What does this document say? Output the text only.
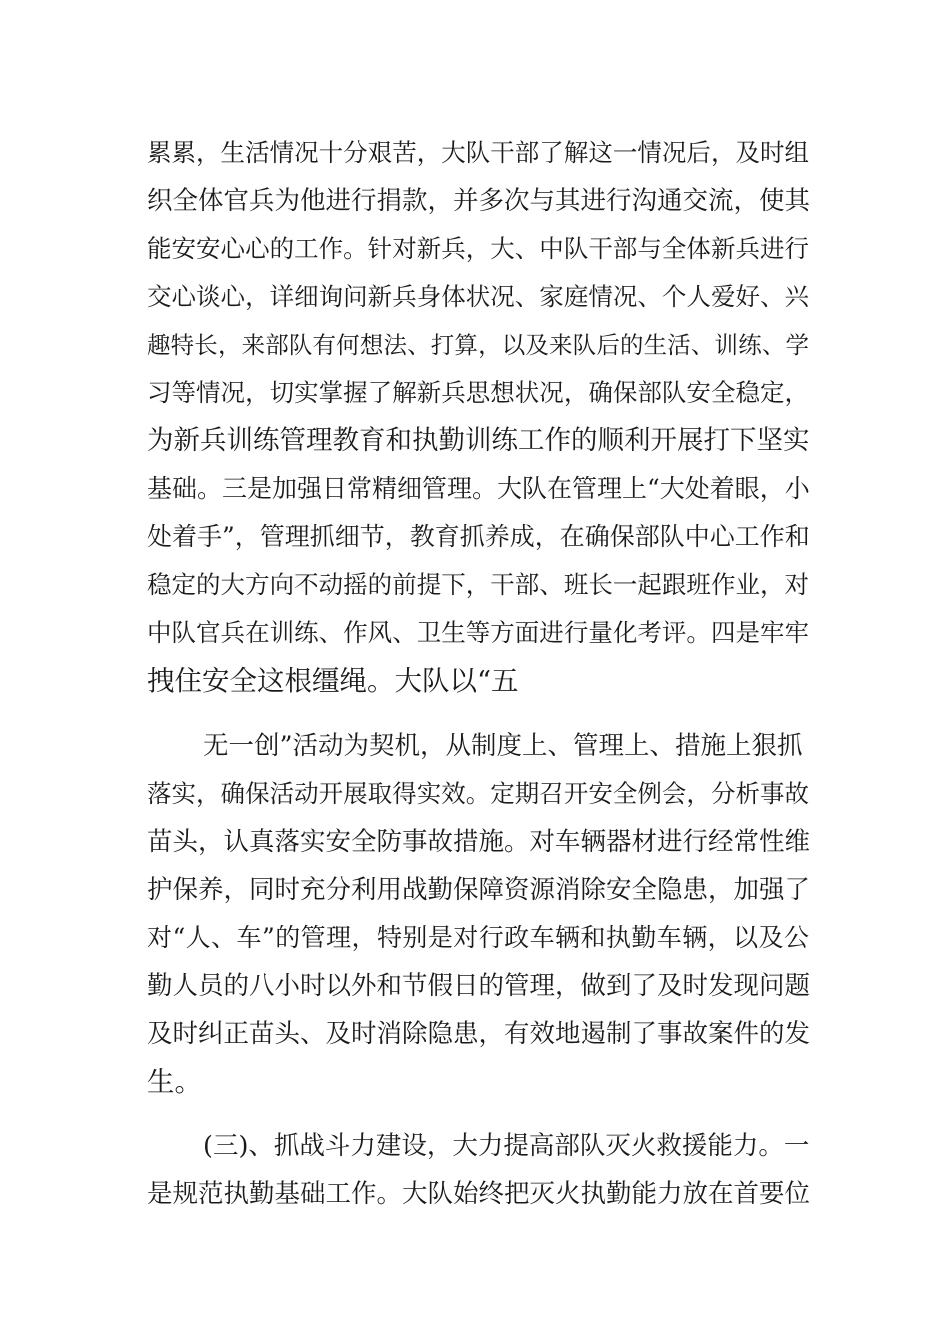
累累，生活情况十分艰苦，大队干部了解这一情况后，及时组
织全体官兵为他进行捐款，并多次与其进行沟通交流，使其
能安安心心的工作。针对新兵，大、中队干部与全体新兵进行
交心谈心，详细询问新兵身体状况、家庭情况、个人爱好、兴
趣特长，来部队有何想法、打算，以及来队后的生活、训练、学
习等情况，切实掌握了解新兵思想状况，确保部队安全稳定，
为新兵训练管理教育和执勤训练工作的顺利开展打下坚实
基础。三是加强日常精细管理。大队在管理上“大处着眼，小
处着手”，管理抓细节，教育抓养成，在确保部队中心工作和
稳定的大方向不动摇的前提下，干部、班长一起跟班作业，对
中队官兵在训练、作风、卫生等方面进行量化考评。四是牢牢
拽住安全这根缰绳。大队以“五
无一创”活动为契机，从制度上、管理上、措施上狠抓
落实，确保活动开展取得实效。定期召开安全例会，分析事故
苗头，认真落实安全防事故措施。对车辆器材进行经常性维
护保养，同时充分利用战勤保障资源消除安全隐患，加强了
对“人、车”的管理，特别是对行政车辆和执勤车辆，以及公
勤人员的八小时以外和节假日的管理，做到了及时发现问题
及时纠正苗头、及时消除隐患，有效地遏制了事故案件的发
生。
(三)、抓战斗力建设，大力提高部队灭火救援能力。一
是规范执勤基础工作。大队始终把灭火执勤能力放在首要位
